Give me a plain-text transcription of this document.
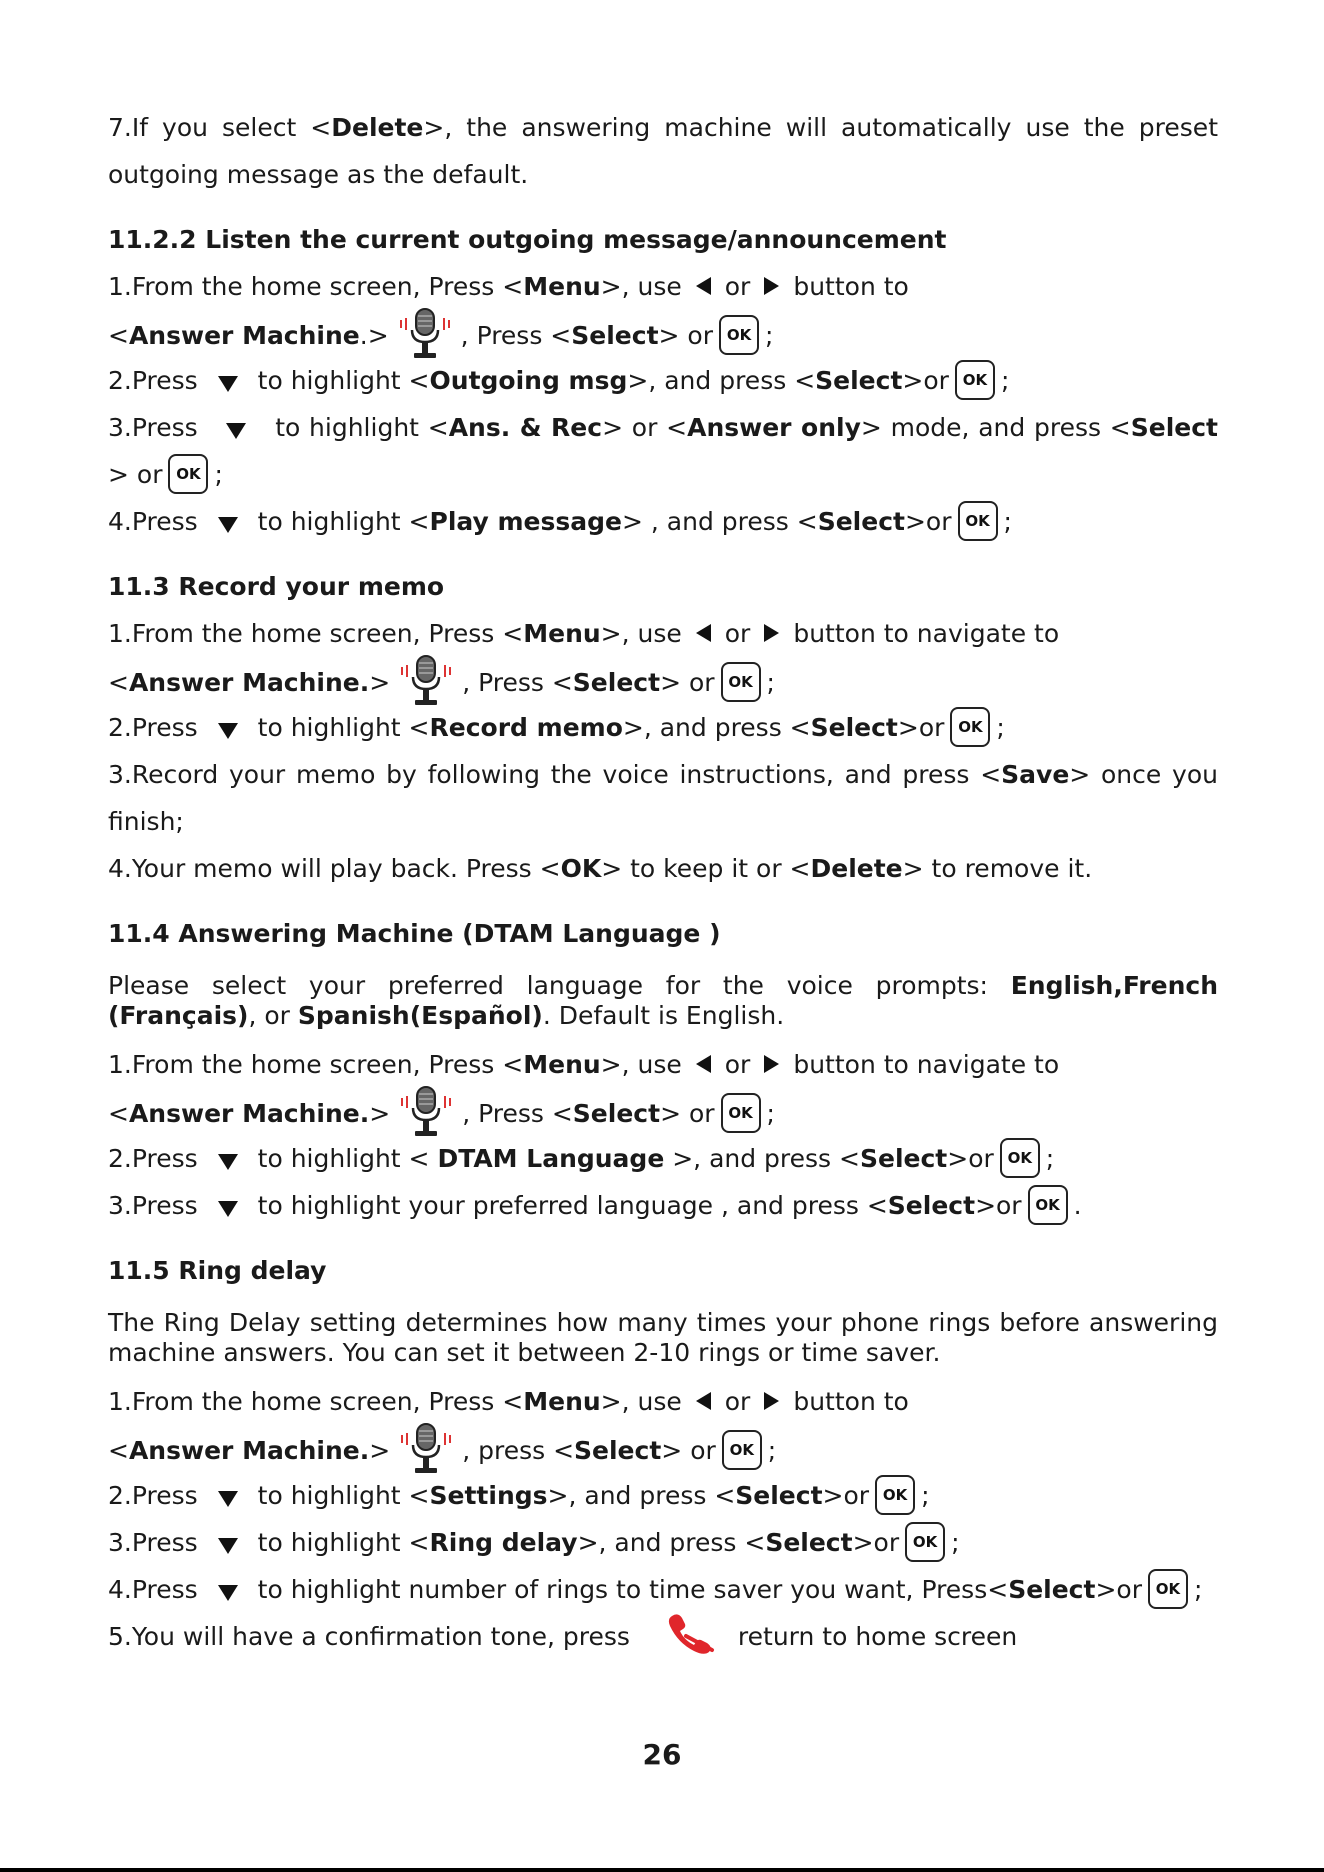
7.If you select <Delete>, the answering machine will automatically use the preset
outgoing message as the default.
11.2.2 Listen the current outgoing message/announcement
1.From the home screen, Press <Menu>, use or button to
<Answer Machine.>	, Press <Select> or OK ;
2.Press to highlight <Outgoing msg>, and press <Select>or OK ;
3.Press	to highlight <Ans. & Rec> or <Answer only> mode, and press <Select
> or OK ;
4.Press to highlight <Play message> , and press <Select>or OK ;
11.3 Record your memo
1.From the home screen, Press <Menu>, use or button to navigate to
<Answer Machine.>	, Press <Select> or OK ;
2.Press to highlight <Record memo>, and press <Select>or OK ;
3.Record your memo by following the voice instructions, and press <Save> once you
finish;
4.Your memo will play back. Press <OK> to keep it or <Delete> to remove it.
11.4 Answering Machine (DTAM Language )
Please select your preferred language for the voice prompts: English,French
(Français), or Spanish(Español). Default is English.
1.From the home screen, Press <Menu>, use or button to navigate to
<Answer Machine.>	, Press <Select> or OK ;
2.Press to highlight < DTAM Language >, and press <Select>or OK ;
3.Press to highlight your preferred language , and press <Select>or OK .
11.5 Ring delay
The Ring Delay setting determines how many times your phone rings before answering
machine answers. You can set it between 2-10 rings or time saver.
1.From the home screen, Press <Menu>, use or button to
<Answer Machine.>	, press <Select> or OK ;
2.Press to highlight <Settings>, and press <Select>or OK ;
3.Press to highlight <Ring delay>, and press <Select>or OK ;
4.Press to highlight number of rings to time saver you want, Press<Select>or OK ;
5.You will have a confirmation tone, press	return to home screen
26
